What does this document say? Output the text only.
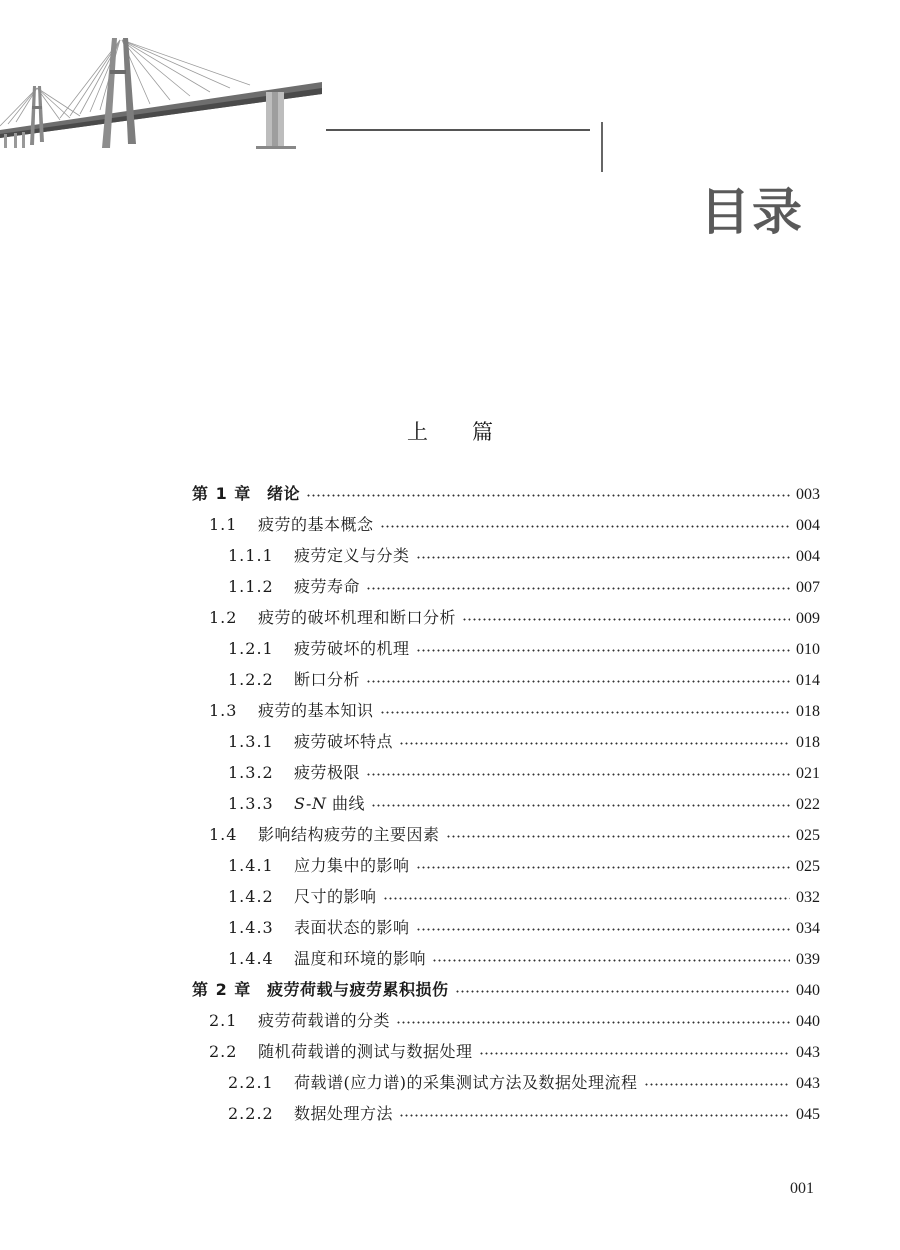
目录
上 篇
第 1 章 绪论	003
1.1	疲劳的基本概念	004
1.1.1	疲劳定义与分类	004
1.1.2	疲劳寿命	007
1.2	疲劳的破坏机理和断口分析	009
1.2.1	疲劳破坏的机理	010
1.2.2	断口分析	014
1.3	疲劳的基本知识	018
1.3.1	疲劳破坏特点	018
1.3.2	疲劳极限	021
1.3.3	S-N 曲线	022
1.4	影响结构疲劳的主要因素	025
1.4.1	应力集中的影响	025
1.4.2	尺寸的影响	032
1.4.3	表面状态的影响	034
1.4.4	温度和环境的影响	039
第 2 章 疲劳荷载与疲劳累积损伤	040
2.1	疲劳荷载谱的分类	040
2.2	随机荷载谱的测试与数据处理	043
2.2.1	荷载谱(应力谱)的采集测试方法及数据处理流程	043
2.2.2	数据处理方法	045
001
